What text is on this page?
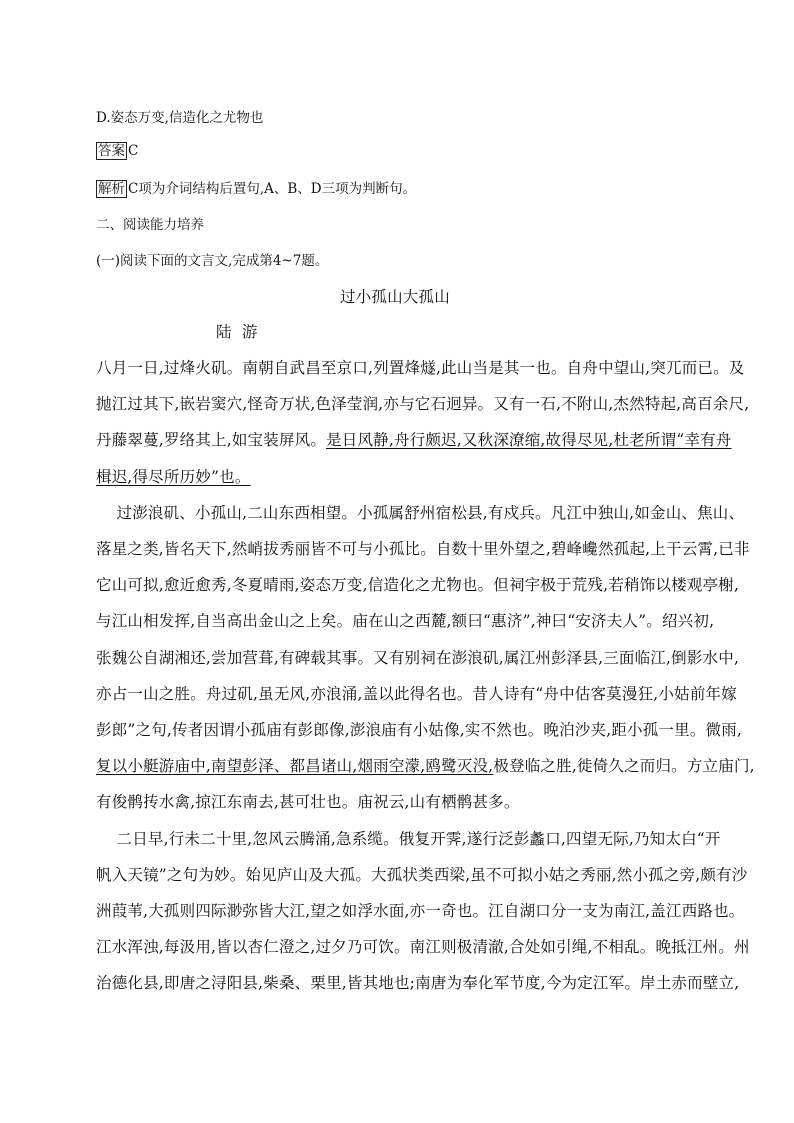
D.姿态万变,信造化之尤物也
答案 C
解析 C项为介词结构后置句,A、B、D三项为判断句。
二、阅读能力培养
(一)阅读下面的文言文,完成第4~7题。
过小孤山大孤山
陆  游
八月一日,过烽火矶。南朝自武昌至京口,列置烽燧,此山当是其一也。自舟中望山,突兀而已。及
抛江过其下,嵌岩窦穴,怪奇万状,色泽莹润,亦与它石迥异。又有一石,不附山,杰然特起,高百余尺,
丹藤翠蔓,罗络其上,如宝装屏风。是日风静,舟行颇迟,又秋深潦缩,故得尽见,杜老所谓“幸有舟
楫迟,得尽所历妙”也。
过澎浪矶、小孤山,二山东西相望。小孤属舒州宿松县,有戍兵。凡江中独山,如金山、焦山、
落星之类,皆名天下,然峭拔秀丽皆不可与小孤比。自数十里外望之,碧峰巉然孤起,上干云霄,已非
它山可拟,愈近愈秀,冬夏晴雨,姿态万变,信造化之尤物也。但祠宇极于荒残,若稍饰以楼观亭榭,
与江山相发挥,自当高出金山之上矣。庙在山之西麓,额曰“惠济”,神曰“安济夫人”。绍兴初,
张魏公自湖湘还,尝加营葺,有碑载其事。又有别祠在澎浪矶,属江州彭泽县,三面临江,倒影水中,
亦占一山之胜。舟过矶,虽无风,亦浪涌,盖以此得名也。昔人诗有“舟中估客莫漫狂,小姑前年嫁
彭郎”之句,传者因谓小孤庙有彭郎像,澎浪庙有小姑像,实不然也。晚泊沙夹,距小孤一里。微雨,
复以小艇游庙中,南望彭泽、都昌诸山,烟雨空濛,鸥鹭灭没,极登临之胜,徙倚久之而归。方立庙门,
有俊鹘抟水禽,掠江东南去,甚可壮也。庙祝云,山有栖鹘甚多。
二日早,行未二十里,忽风云腾涌,急系缆。俄复开霁,遂行泛彭蠡口,四望无际,乃知太白“开
帆入天镜”之句为妙。始见庐山及大孤。大孤状类西梁,虽不可拟小姑之秀丽,然小孤之旁,颇有沙
洲葭苇,大孤则四际渺弥皆大江,望之如浮水面,亦一奇也。江自湖口分一支为南江,盖江西路也。
江水浑浊,每汲用,皆以杏仁澄之,过夕乃可饮。南江则极清澈,合处如引绳,不相乱。晚抵江州。州
治德化县,即唐之浔阳县,柴桑、栗里,皆其地也;南唐为奉化军节度,今为定江军。岸土赤而壁立,
